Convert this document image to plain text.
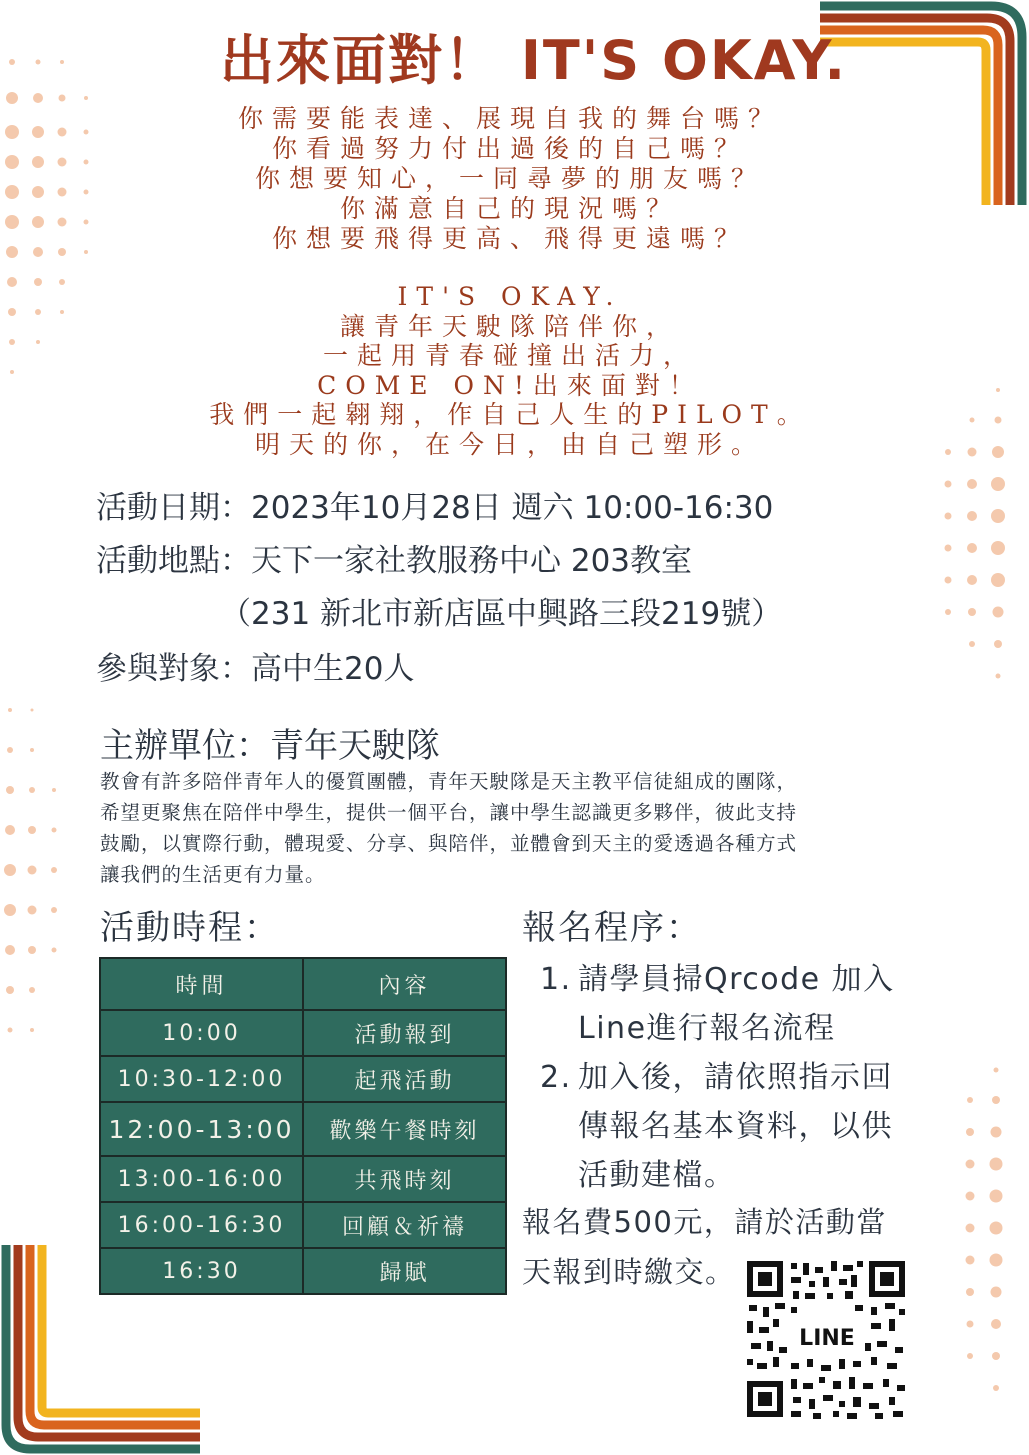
出來面對！ IT'S OKAY.
你需要能表達、展現自我的舞台嗎？
你看過努力付出過後的自己嗎？
你想要知心，一同尋夢的朋友嗎？
你滿意自己的現況嗎？
你想要飛得更高、飛得更遠嗎？
IT'S OKAY.
讓青年天駛隊陪伴你，
一起用青春碰撞出活力，
COME ON!出來面對！
我們一起翱翔，作自己人生的PILOT。
明天的你，在今日，由自己塑形。
活動日期：2023年10月28日 週六 10:00-16:30
活動地點：天下一家社教服務中心 203教室
（231 新北市新店區中興路三段219號）
參與對象：高中生20人
主辦單位：青年天駛隊
教會有許多陪伴青年人的優質團體，青年天駛隊是天主教平信徒組成的團隊，
希望更聚焦在陪伴中學生，提供一個平台，讓中學生認識更多夥伴，彼此支持
鼓勵，以實際行動，體現愛、分享、與陪伴，並體會到天主的愛透過各種方式
讓我們的生活更有力量。
活動時程：
時間	內容
10:00	活動報到
10:30-12:00	起飛活動
12:00-13:00	歡樂午餐時刻
13:00-16:00	共飛時刻
16:00-16:30	回顧＆祈禱
16:30	歸賦
報名程序：
1. 請學員掃Qrcode 加入
Line進行報名流程
2. 加入後，請依照指示回
傳報名基本資料，以供
活動建檔。
報名費500元，請於活動當
天報到時繳交。
LINE
